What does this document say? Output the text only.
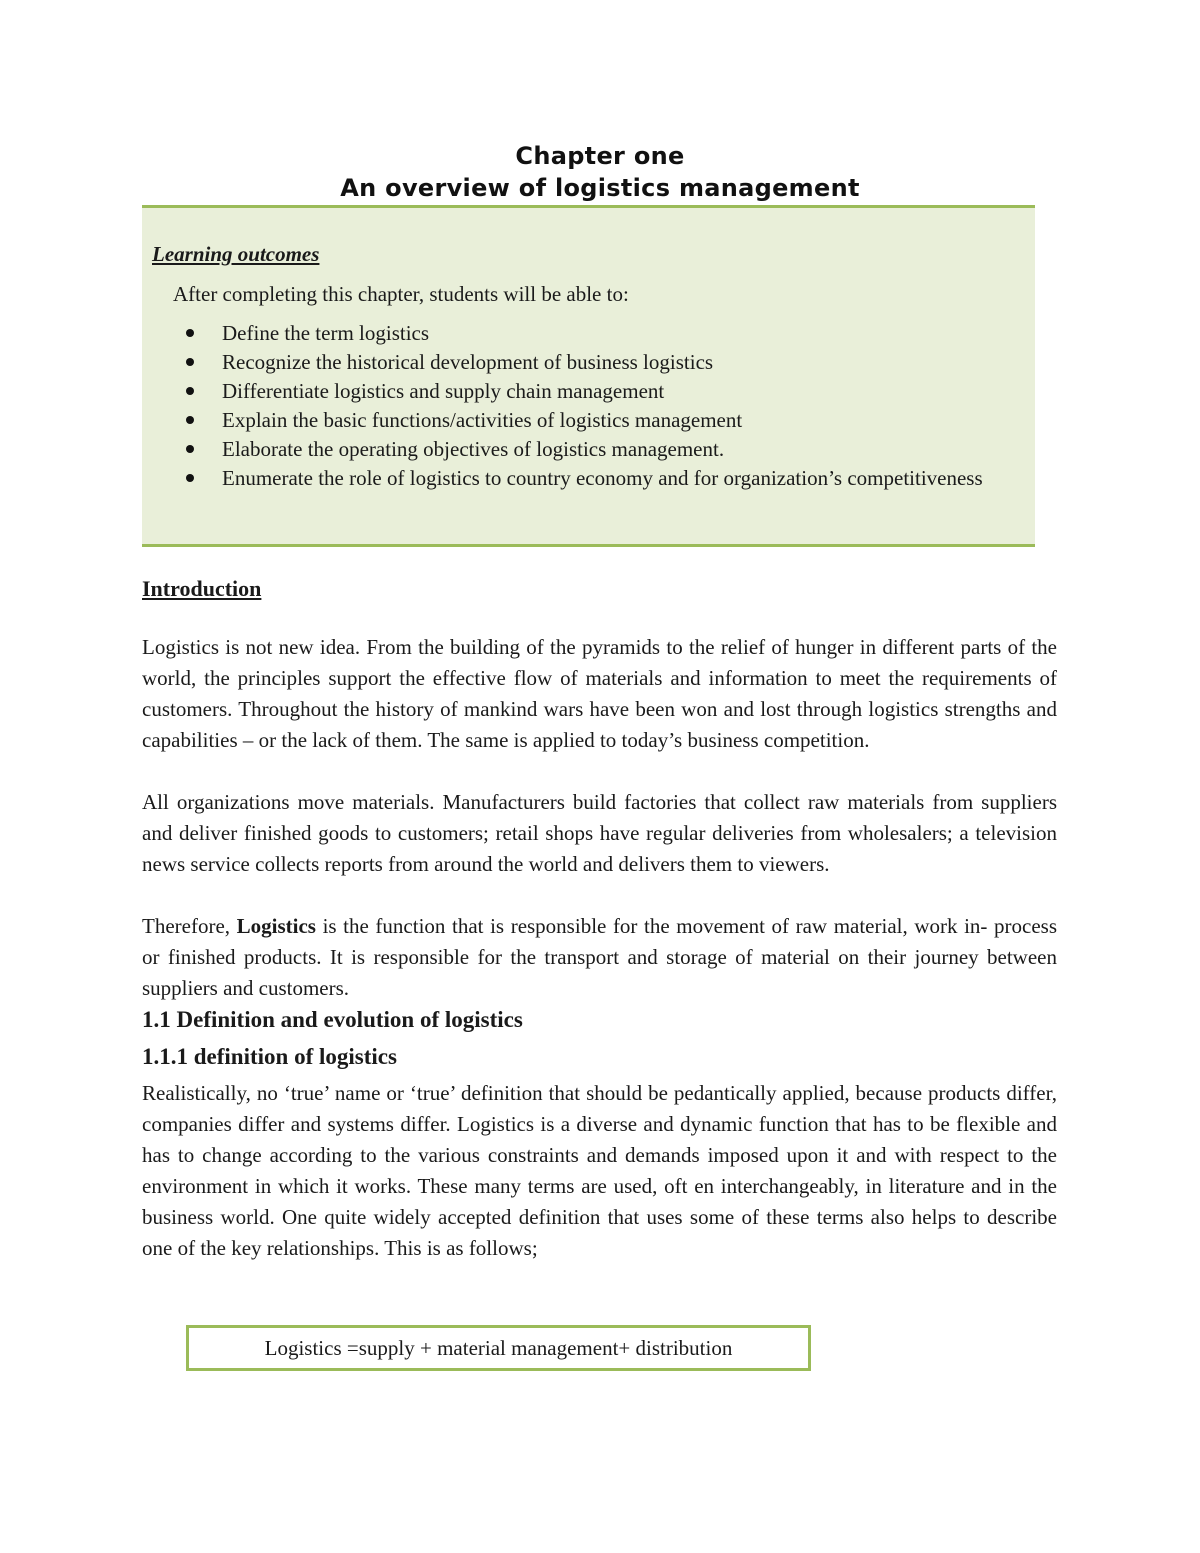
Chapter one
An overview of logistics management
Learning outcomes
After completing this chapter, students will be able to:
Define the term logistics
Recognize the historical development of business logistics
Differentiate logistics and supply chain management
Explain the basic functions/activities of logistics management
Elaborate the operating objectives of logistics management.
Enumerate the role of logistics to country economy and for organization’s competitiveness
Introduction

Logistics is not new idea. From the building of the pyramids to the relief of hunger in different parts of the world, the principles support the effective flow of materials and information to meet the requirements of customers. Throughout the history of mankind wars have been won and lost through logistics strengths and capabilities – or the lack of them. The same is applied to today’s business competition.

All organizations move materials. Manufacturers build factories that collect raw materials from suppliers and deliver finished goods to customers; retail shops have regular deliveries from wholesalers; a television news service collects reports from around the world and delivers them to viewers.

Therefore, Logistics is the function that is responsible for the movement of raw material, work in- process or finished products. It is responsible for the transport and storage of material on their journey between suppliers and customers.

1.1 Definition and evolution of logistics
1.1.1 definition of logistics

Realistically, no ‘true’ name or ‘true’ definition that should be pedantically applied, because products differ, companies differ and systems differ. Logistics is a diverse and dynamic function that has to be flexible and has to change according to the various constraints and demands imposed upon it and with respect to the environment in which it works. These many terms are used, oft en interchangeably, in literature and in the business world. One quite widely accepted definition that uses some of these terms also helps to describe one of the key relationships. This is as follows;

Logistics =supply + material management+ distribution
